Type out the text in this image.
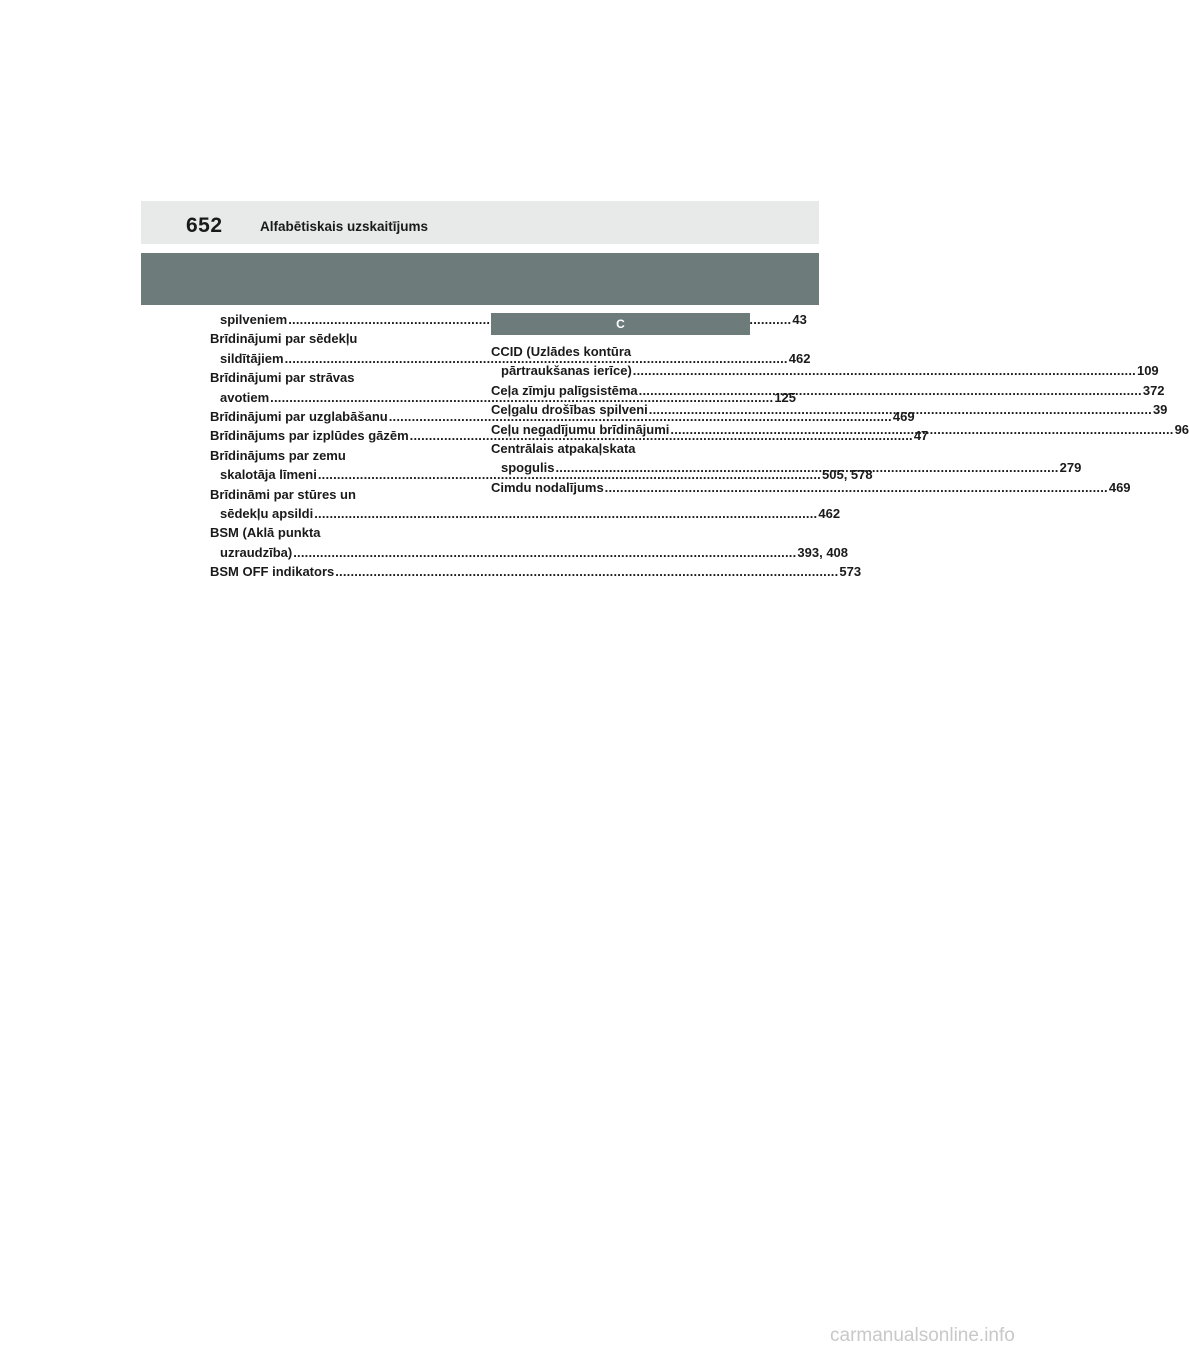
652	Alfabētiskais uzskaitījums
spilveniem .....	43
Brīdinājumi par sēdekļu
sildītājiem .....	462
Brīdinājumi par strāvas
avotiem .....	125
Brīdinājumi par uzglabāšanu .....	469
Brīdinājums par izplūdes gāzēm .....	47
Brīdinājums par zemu
skalotāja līmeni .....	505, 578
Brīdināmi par stūres un
sēdekļu apsildi .....	462
BSM (Aklā punkta
uzraudzība) .....	393, 408
BSM OFF indikators .....	573
C
CCID (Uzlādes kontūra
pārtraukšanas ierīce) .....	109
Ceļa zīmju palīgsistēma .....	372
Ceļgalu drošības spilveni .....	39
Ceļu negadījumu brīdinājumi .....	96
Centrālais atpakaļskata
spogulis .....	279
Cimdu nodalījums .....	469
carmanualsonline.info
